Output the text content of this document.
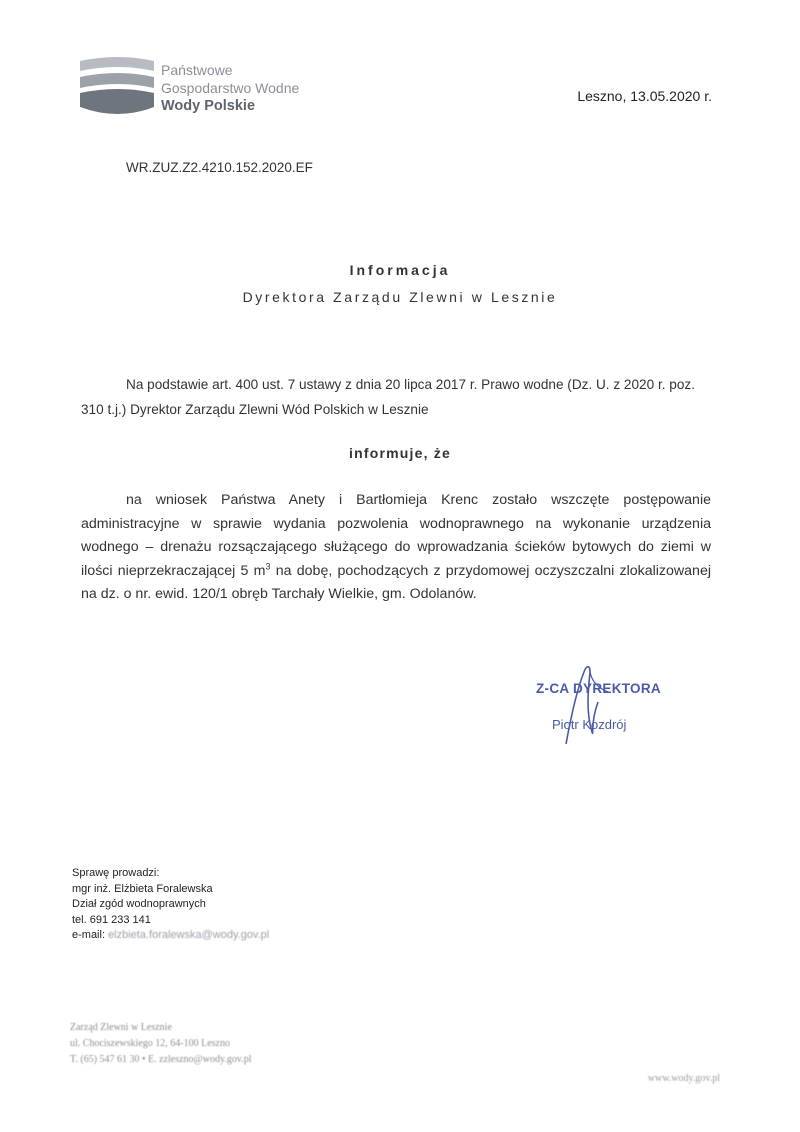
Państwowe
Gospodarstwo Wodne
Wody Polskie
Leszno, 13.05.2020 r.
WR.ZUZ.Z2.4210.152.2020.EF
Informacja
Dyrektora Zarządu Zlewni w Lesznie
Na podstawie art. 400 ust. 7 ustawy z dnia 20 lipca 2017 r. Prawo wodne (Dz. U. z 2020 r. poz. 310 t.j.) Dyrektor Zarządu Zlewni Wód Polskich w Lesznie
informuje, że
na wniosek Państwa Anety i Bartłomieja Krenc zostało wszczęte postępowanie administracyjne w sprawie wydania pozwolenia wodnoprawnego na wykonanie urządzenia wodnego – drenażu rozsączającego służącego do wprowadzania ścieków bytowych do ziemi w ilości nieprzekraczającej 5 $m^3$ na dobę, pochodzących z przydomowej oczyszczalni zlokalizowanej na dz. o nr. ewid. 120/1 obręb Tarchały Wielkie, gm. Odolanów.
Z-CA DYREKTORA
Piotr Kozdrój
Sprawę prowadzi:
mgr inż. Elżbieta Foralewska
Dział zgód wodnoprawnych
tel. 691 233 141
e-mail: elzbieta.foralewska@wody.gov.pl
Zarząd Zlewni w Lesznie
ul. Chociszewskiego 12, 64-100 Leszno
T. (65) 547 61 30 • E. zzleszno@wody.gov.pl
www.wody.gov.pl
